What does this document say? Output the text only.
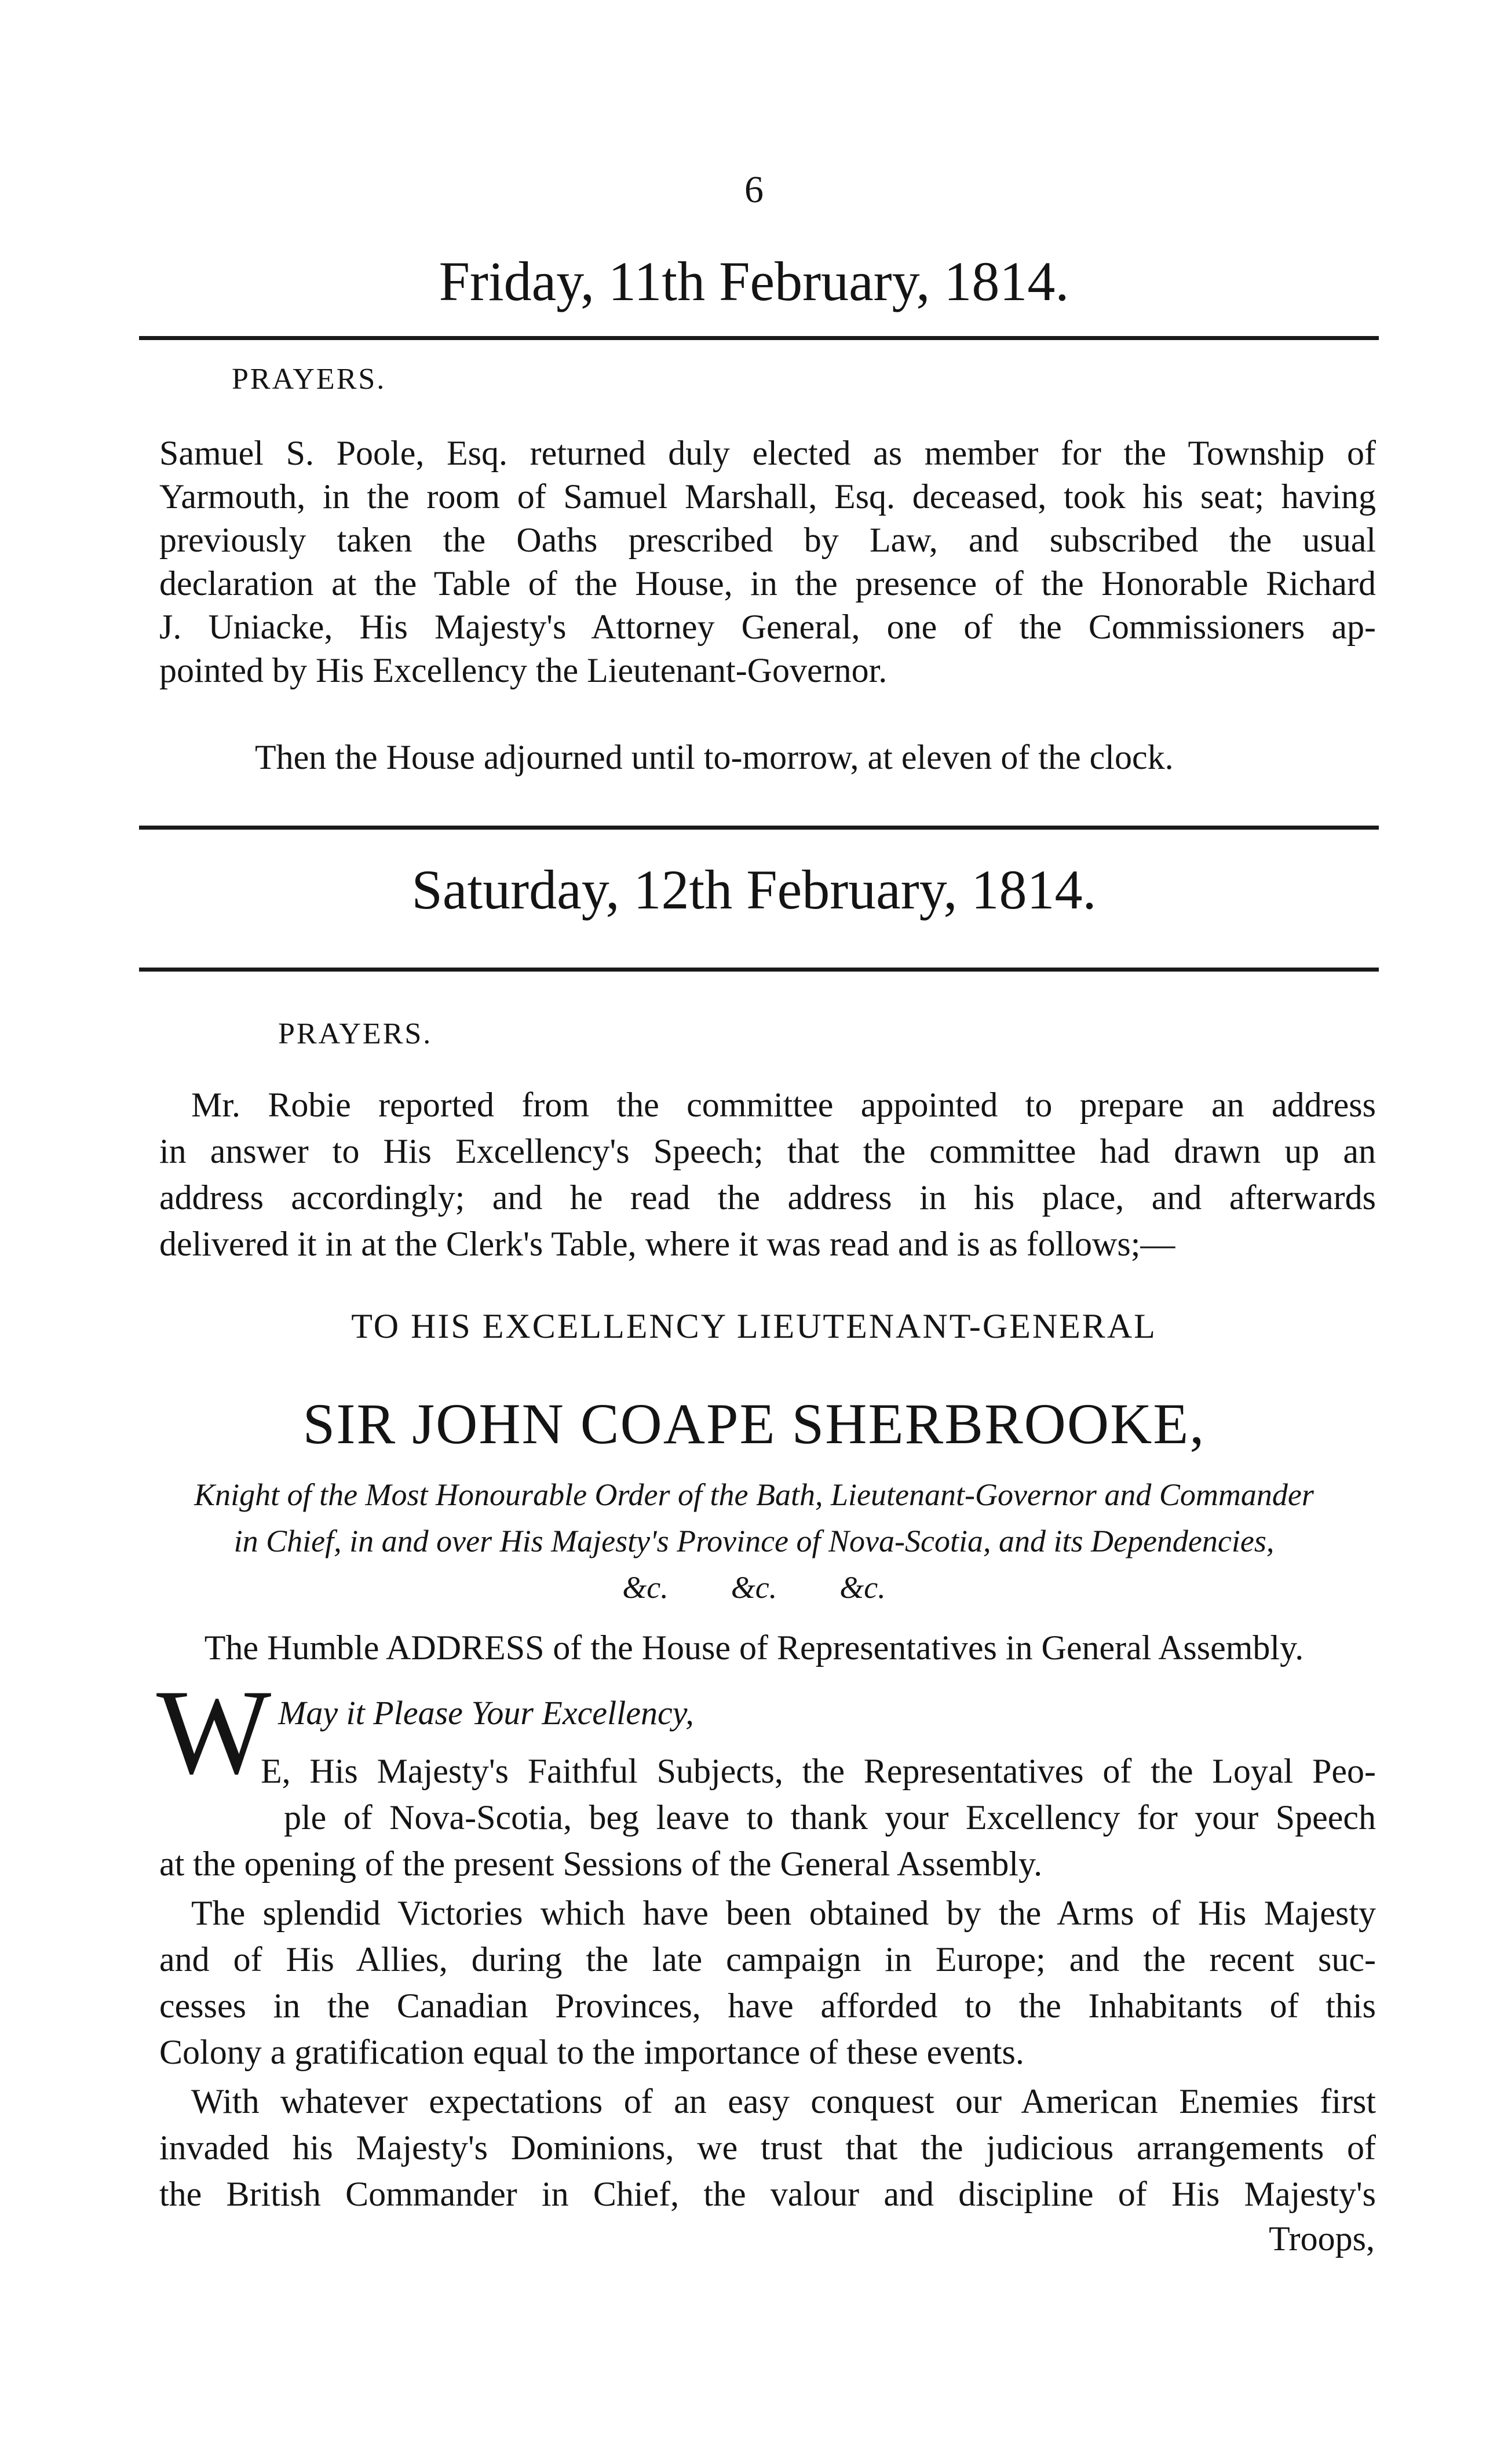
6
Friday, 11th February, 1814.
PRAYERS.
Samuel S. Poole, Esq. returned duly elected as member for the Township of
Yarmouth, in the room of Samuel Marshall, Esq. deceased, took his seat; having
previously taken the Oaths prescribed by Law, and subscribed the usual
declaration at the Table of the House, in the presence of the Honorable Richard
J. Uniacke, His Majesty's Attorney General, one of the Commissioners ap-
pointed by His Excellency the Lieutenant-Governor.
Then the House adjourned until to-morrow, at eleven of the clock.
Saturday, 12th February, 1814.
PRAYERS.
Mr. Robie reported from the committee appointed to prepare an address
in answer to His Excellency's Speech; that the committee had drawn up an
address accordingly; and he read the address in his place, and afterwards
delivered it in at the Clerk's Table, where it was read and is as follows;—
TO HIS EXCELLENCY LIEUTENANT-GENERAL
SIR JOHN COAPE SHERBROOKE,
Knight of the Most Honourable Order of the Bath, Lieutenant-Governor and Commander
in Chief, in and over His Majesty's Province of Nova-Scotia, and its Dependencies,
&c.        &c.        &c.
The Humble ADDRESS of the House of Representatives in General Assembly.
May it Please Your Excellency,
W
E, His Majesty's Faithful Subjects, the Representatives of the Loyal Peo-
ple of Nova-Scotia, beg leave to thank your Excellency for your Speech
at the opening of the present Sessions of the General Assembly.
The splendid Victories which have been obtained by the Arms of His Majesty
and of His Allies, during the late campaign in Europe; and the recent suc-
cesses in the Canadian Provinces, have afforded to the Inhabitants of this
Colony a gratification equal to the importance of these events.
With whatever expectations of an easy conquest our American Enemies first
invaded his Majesty's Dominions, we trust that the judicious arrangements of
the British Commander in Chief, the valour and discipline of His Majesty's
Troops,
